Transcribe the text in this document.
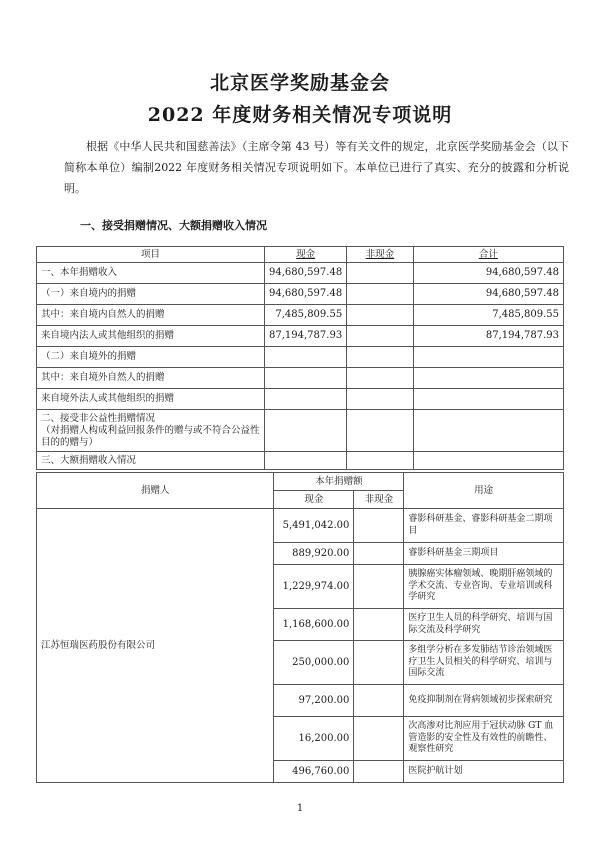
北京医学奖励基金会
2022 年度财务相关情况专项说明
根据《中华人民共和国慈善法》（主席令第 43 号）等有关文件的规定，北京医学奖励基金会（以下简称本单位）编制2022 年度财务相关情况专项说明如下。本单位已进行了真实、充分的披露和分析说明。
一、接受捐赠情况、大额捐赠收入情况
项目	现金	非现金	合计
一、本年捐赠收入	94,680,597.48		94,680,597.48
（一）来自境内的捐赠	94,680,597.48		94,680,597.48
其中：来自境内自然人的捐赠	7,485,809.55		7,485,809.55
来自境内法人或其他组织的捐赠	87,194,787.93		87,194,787.93
（二）来自境外的捐赠			
其中：来自境外自然人的捐赠			
来自境外法人或其他组织的捐赠			
二、接受非公益性捐赠情况
（对捐赠人构成利益回报条件的赠与或不符合公益性目的的赠与）			
三、大额捐赠收入情况			
捐赠人	本年捐赠额		用途
	现金	非现金	
江苏恒瑞医药股份有限公司	5,491,042.00		睿影科研基金、睿影科研基金二期项目
	889,920.00		睿影科研基金三期项目
	1,229,974.00		胰腺癌实体瘤领域、晚期肝癌领域的学术交流、专业咨询、专业培训或科学研究
	1,168,600.00		医疗卫生人员的科学研究、培训与国际交流及科学研究
	250,000.00		多组学分析在多发肺结节诊治领域医疗卫生人员相关的科学研究、培训与国际交流
	97,200.00		免疫抑制剂在肾病领域初步探索研究
	16,200.00		次高渗对比剂应用于冠状动脉 GT 血管造影的安全性及有效性的前瞻性、观察性研究
	496,760.00		医院护航计划
1
